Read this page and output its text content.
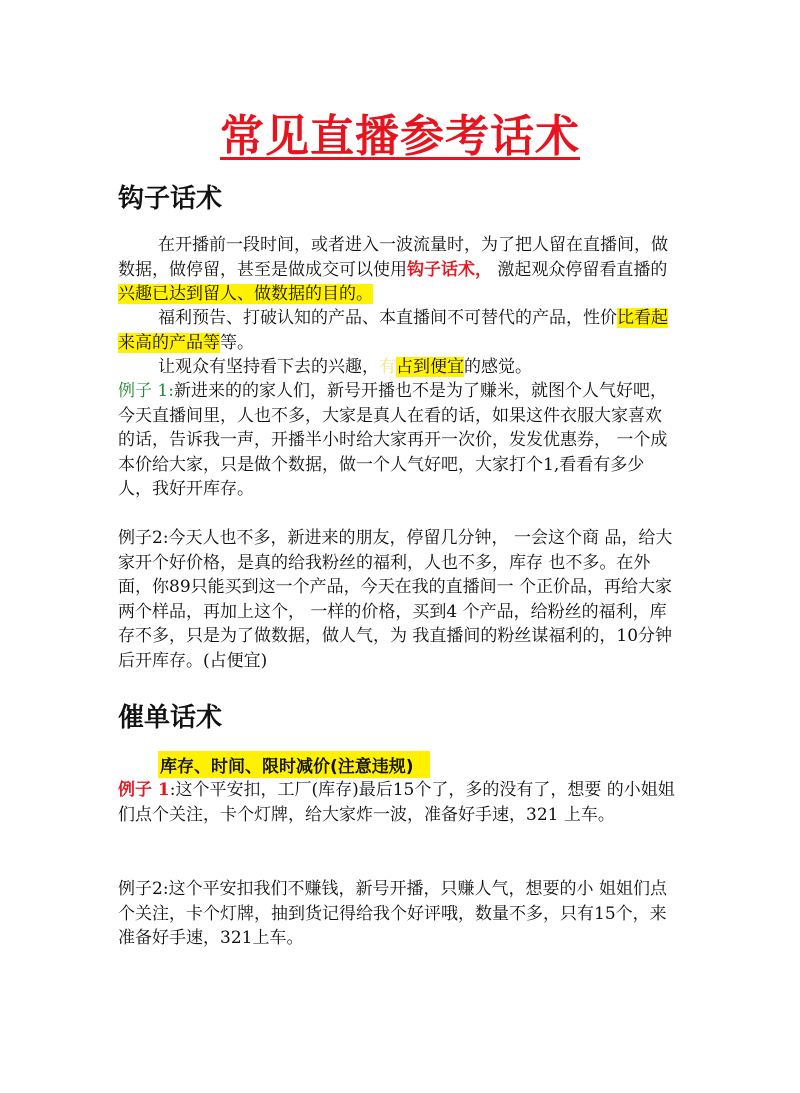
常见直播参考话术
钩子话术

在开播前一段时间，或者进入一波流量时，为了把人留在直播间，做数据，做停留，甚至是做成交可以使用钩子话术， 激起观众停留看直播的兴趣已达到留人、做数据的目的。

福利预告、打破认知的产品、本直播间不可替代的产品，性价比看起来高的产品等等。

让观众有坚持看下去的兴趣，有占到便宜的感觉。

例子 1:新进来的的家人们，新号开播也不是为了赚米，就图个人气好吧，今天直播间里，人也不多，大家是真人在看的话，如果这件衣服大家喜欢的话，告诉我一声，开播半小时给大家再开一次价，发发优惠券， 一个成本价给大家，只是做个数据，做一个人气好吧，大家打个1,看看有多少人，我好开库存。

例子2:今天人也不多，新进来的朋友，停留几分钟， 一会这个商 品，给大家开个好价格，是真的给我粉丝的福利，人也不多，库存 也不多。在外面，你89只能买到这一个产品，今天在我的直播间一 个正价品，再给大家两个样品，再加上这个， 一样的价格，买到4 个产品，给粉丝的福利，库存不多，只是为了做数据，做人气，为 我直播间的粉丝谋福利的，10分钟后开库存。(占便宜)

催单话术
库存、时间、限时减价(注意违规)

例子 1:这个平安扣，工厂(库存)最后15个了，多的没有了，想要 的小姐姐们点个关注，卡个灯牌，给大家炸一波，准备好手速，321 上车。

例子2:这个平安扣我们不赚钱，新号开播，只赚人气，想要的小 姐姐们点个关注，卡个灯牌，抽到货记得给我个好评哦，数量不多，只有15个，来准备好手速，321上车。
